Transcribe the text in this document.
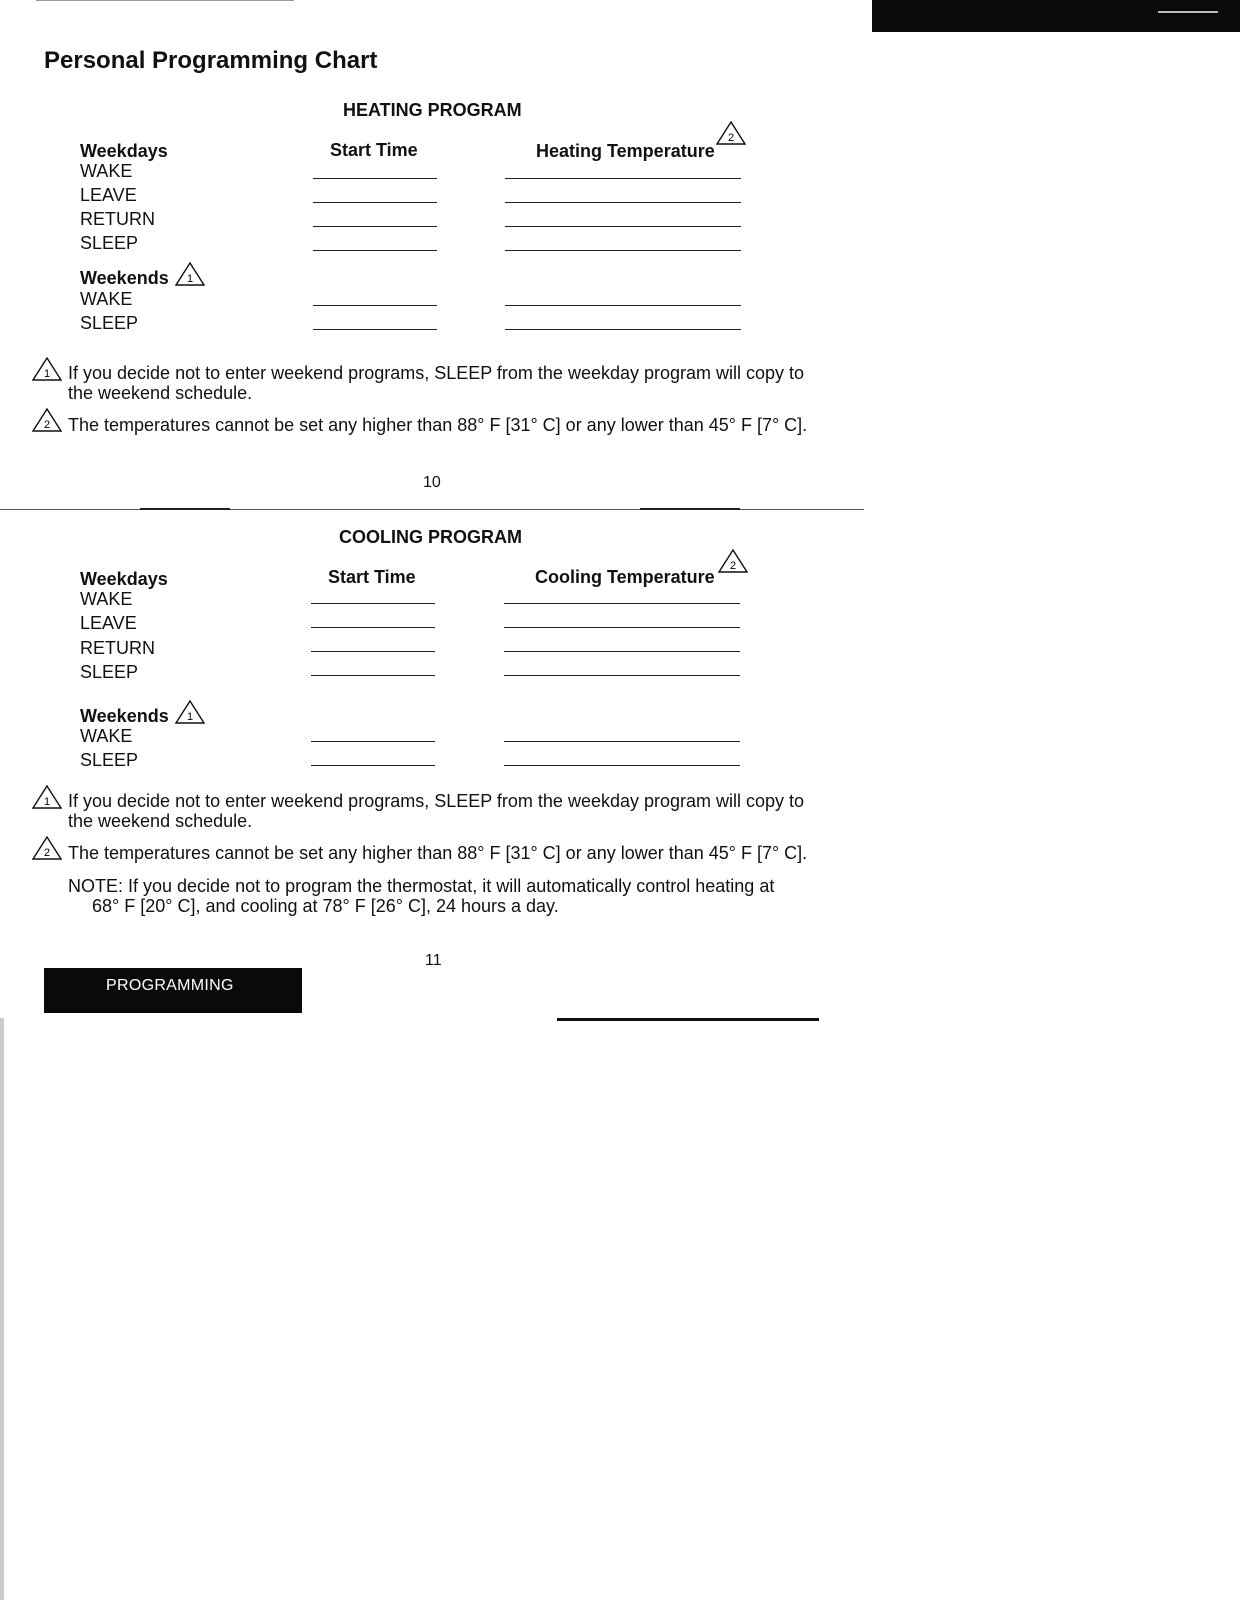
Personal Programming Chart
HEATING PROGRAM
Weekdays	Start Time	Heating Temperature
2
WAKE
LEAVE
RETURN
SLEEP
Weekends 1
WAKE
SLEEP
1 If you decide not to enter weekend programs, SLEEP from the weekday program will copy to
the weekend schedule.
2 The temperatures cannot be set any higher than 88° F [31° C] or any lower than 45° F [7° C].
10
COOLING PROGRAM
Weekdays	Start Time	Cooling Temperature
2
WAKE
LEAVE
RETURN
SLEEP
Weekends 1
WAKE
SLEEP
1 If you decide not to enter weekend programs, SLEEP from the weekday program will copy to
the weekend schedule.
2 The temperatures cannot be set any higher than 88° F [31° C] or any lower than 45° F [7° C].
NOTE: If you decide not to program the thermostat, it will automatically control heating at
68° F [20° C], and cooling at 78° F [26° C], 24 hours a day.
11
PROGRAMMING
